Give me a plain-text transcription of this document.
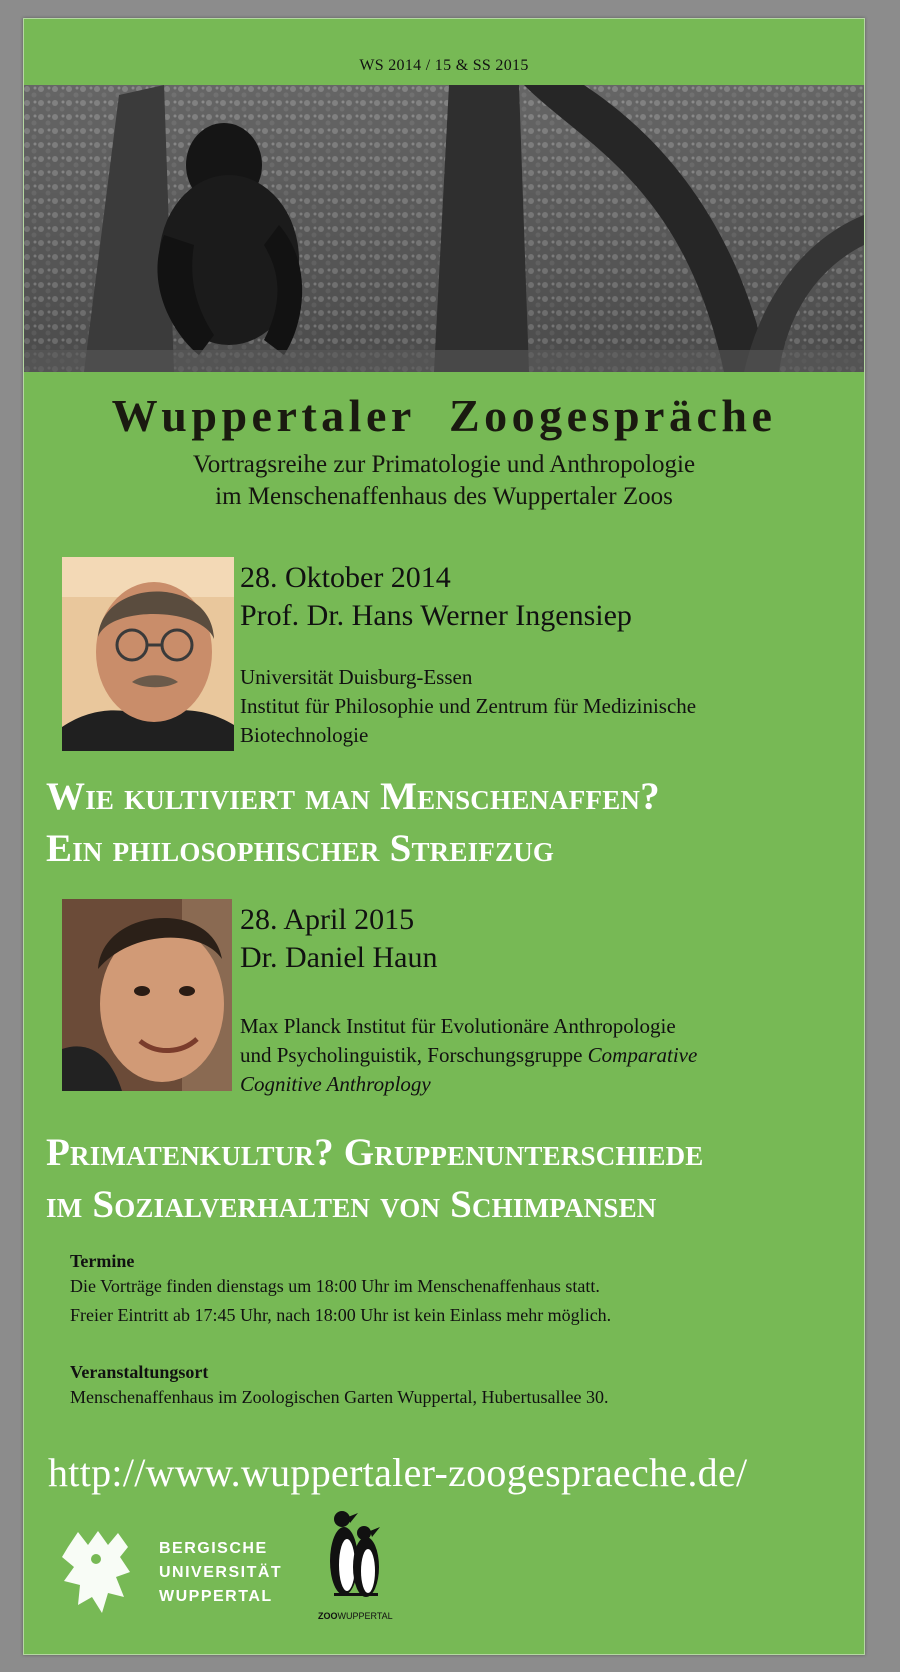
WS 2014 / 15 & SS 2015
Wuppertaler Zoogespräche
Vortragsreihe zur Primatologie und Anthropologie
im Menschenaffenhaus des Wuppertaler Zoos
28. Oktober 2014
Prof. Dr. Hans Werner Ingensiep
Universität Duisburg-Essen
Institut für Philosophie und Zentrum für Medizinische
Biotechnologie
Wie kultiviert man Menschenaffen?
Ein philosophischer Streifzug
28. April 2015
Dr. Daniel Haun
Max Planck Institut für Evolutionäre Anthropologie
und Psycholinguistik, Forschungsgruppe Comparative
Cognitive Anthroplogy
Primatenkultur? Gruppenunterschiede
im Sozialverhalten von Schimpansen
Termine
Die Vorträge finden dienstags um 18:00 Uhr im Menschenaffenhaus statt.
Freier Eintritt ab 17:45 Uhr, nach 18:00 Uhr ist kein Einlass mehr möglich.
Veranstaltungsort
Menschenaffenhaus im Zoologischen Garten Wuppertal, Hubertusallee 30.
http://www.wuppertaler-zoogespraeche.de/
BERGISCHE
UNIVERSITÄT
WUPPERTAL
ZOOWUPPERTAL
